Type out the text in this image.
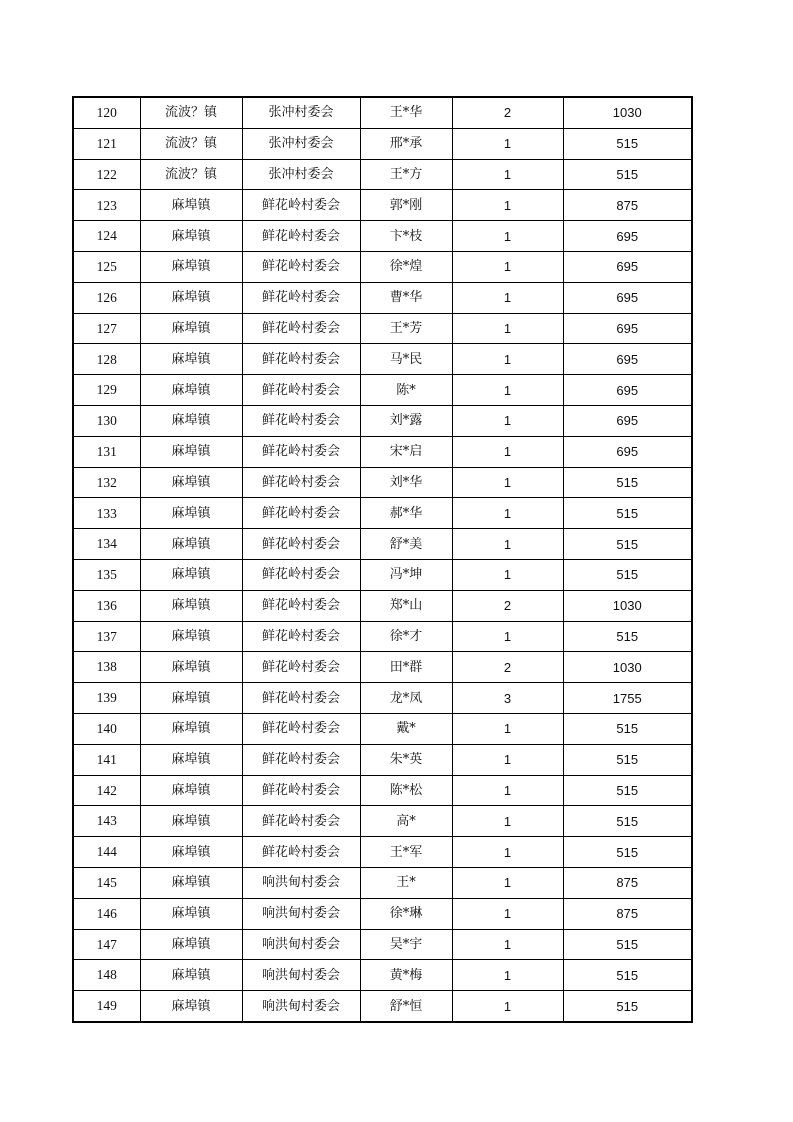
120	流波？镇	张冲村委会	王*华	2	1030
121	流波？镇	张冲村委会	邢*承	1	515
122	流波？镇	张冲村委会	王*方	1	515
123	麻埠镇	鲜花岭村委会	郭*刚	1	875
124	麻埠镇	鲜花岭村委会	卞*枝	1	695
125	麻埠镇	鲜花岭村委会	徐*煌	1	695
126	麻埠镇	鲜花岭村委会	曹*华	1	695
127	麻埠镇	鲜花岭村委会	王*芳	1	695
128	麻埠镇	鲜花岭村委会	马*民	1	695
129	麻埠镇	鲜花岭村委会	陈*	1	695
130	麻埠镇	鲜花岭村委会	刘*露	1	695
131	麻埠镇	鲜花岭村委会	宋*启	1	695
132	麻埠镇	鲜花岭村委会	刘*华	1	515
133	麻埠镇	鲜花岭村委会	郝*华	1	515
134	麻埠镇	鲜花岭村委会	舒*美	1	515
135	麻埠镇	鲜花岭村委会	冯*坤	1	515
136	麻埠镇	鲜花岭村委会	郑*山	2	1030
137	麻埠镇	鲜花岭村委会	徐*才	1	515
138	麻埠镇	鲜花岭村委会	田*群	2	1030
139	麻埠镇	鲜花岭村委会	龙*凤	3	1755
140	麻埠镇	鲜花岭村委会	戴*	1	515
141	麻埠镇	鲜花岭村委会	朱*英	1	515
142	麻埠镇	鲜花岭村委会	陈*松	1	515
143	麻埠镇	鲜花岭村委会	高*	1	515
144	麻埠镇	鲜花岭村委会	王*军	1	515
145	麻埠镇	响洪甸村委会	王*	1	875
146	麻埠镇	响洪甸村委会	徐*琳	1	875
147	麻埠镇	响洪甸村委会	吴*宇	1	515
148	麻埠镇	响洪甸村委会	黄*梅	1	515
149	麻埠镇	响洪甸村委会	舒*恒	1	515
